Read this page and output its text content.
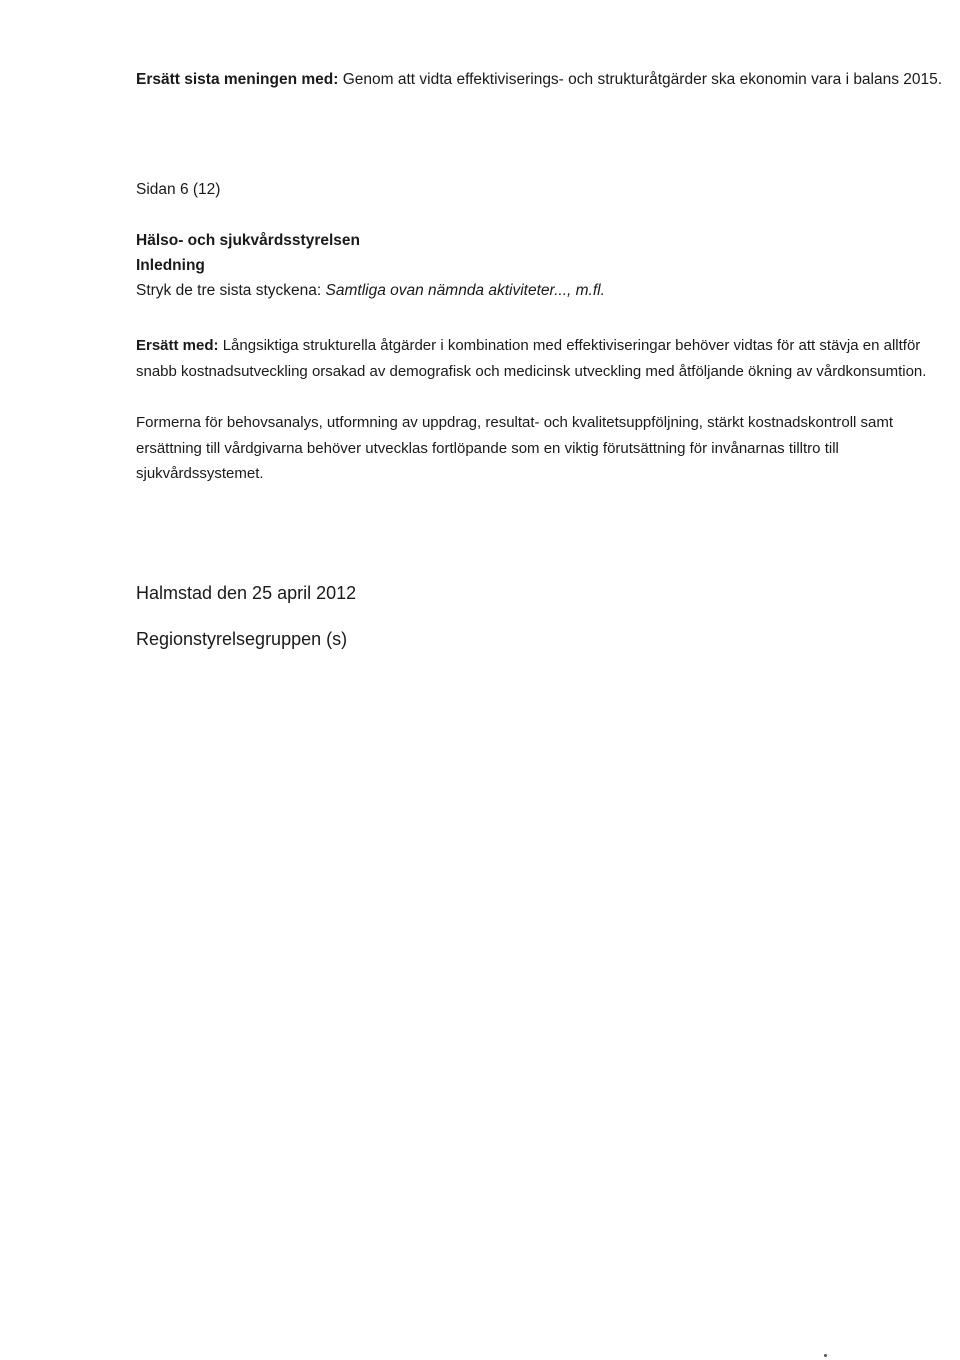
Ersätt sista meningen med: Genom att vidta effektiviserings- och strukturåtgärder ska ekonomin vara i balans 2015.
Sidan 6 (12)
Hälso- och sjukvårdsstyrelsen
Inledning
Stryk de tre sista styckena: Samtliga ovan nämnda aktiviteter..., m.fl.
Ersätt med: Långsiktiga strukturella åtgärder i kombination med effektiviseringar behöver vidtas för att stävja en alltför snabb kostnadsutveckling orsakad av demografisk och medicinsk utveckling med åtföljande ökning av vårdkonsumtion.
Formerna för behovsanalys, utformning av uppdrag, resultat- och kvalitetsuppföljning, stärkt kostnadskontroll samt ersättning till vårdgivarna behöver utvecklas fortlöpande som en viktig förutsättning för invånarnas tilltro till sjukvårdssystemet.
Halmstad den 25 april 2012
Regionstyrelsegruppen (s)
